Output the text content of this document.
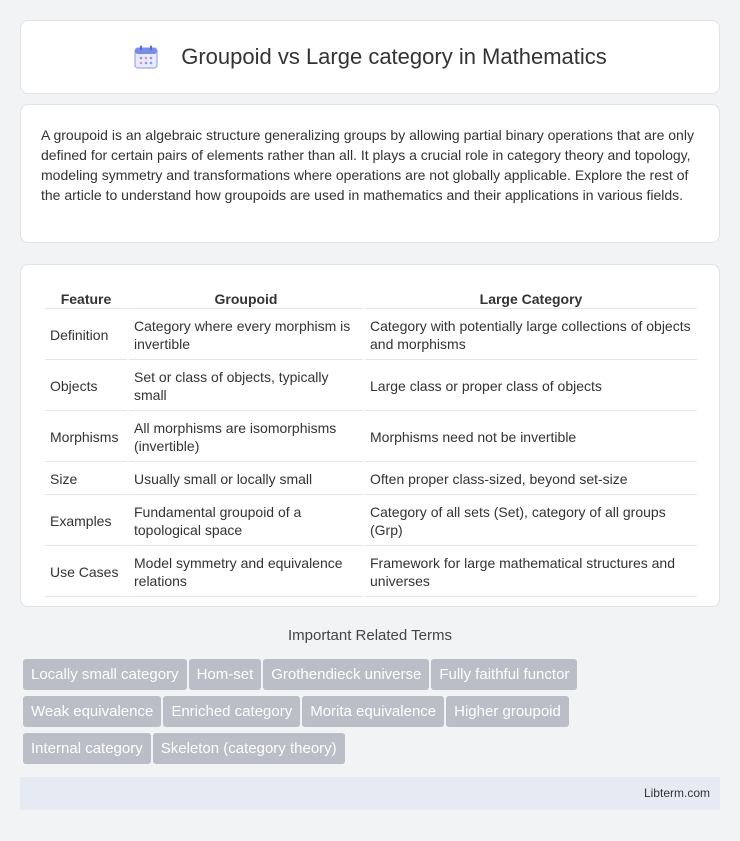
Groupoid vs Large category in Mathematics

A groupoid is an algebraic structure generalizing groups by allowing partial binary operations that are only defined for certain pairs of elements rather than all. It plays a crucial role in category theory and topology, modeling symmetry and transformations where operations are not globally applicable. Explore the rest of the article to understand how groupoids are used in mathematics and their applications in various fields.

Feature	Groupoid	Large Category
Definition	Category where every morphism is invertible	Category with potentially large collections of objects and morphisms
Objects	Set or class of objects, typically small	Large class or proper class of objects
Morphisms	All morphisms are isomorphisms (invertible)	Morphisms need not be invertible
Size	Usually small or locally small	Often proper class-sized, beyond set-size
Examples	Fundamental groupoid of a topological space	Category of all sets (Set), category of all groups (Grp)
Use Cases	Model symmetry and equivalence relations	Framework for large mathematical structures and universes
Important Related Terms
Locally small category Hom-set Grothendieck universe Fully faithful functor
Weak equivalence Enriched category Morita equivalence Higher groupoid
Internal category Skeleton (category theory)
Libterm.com
